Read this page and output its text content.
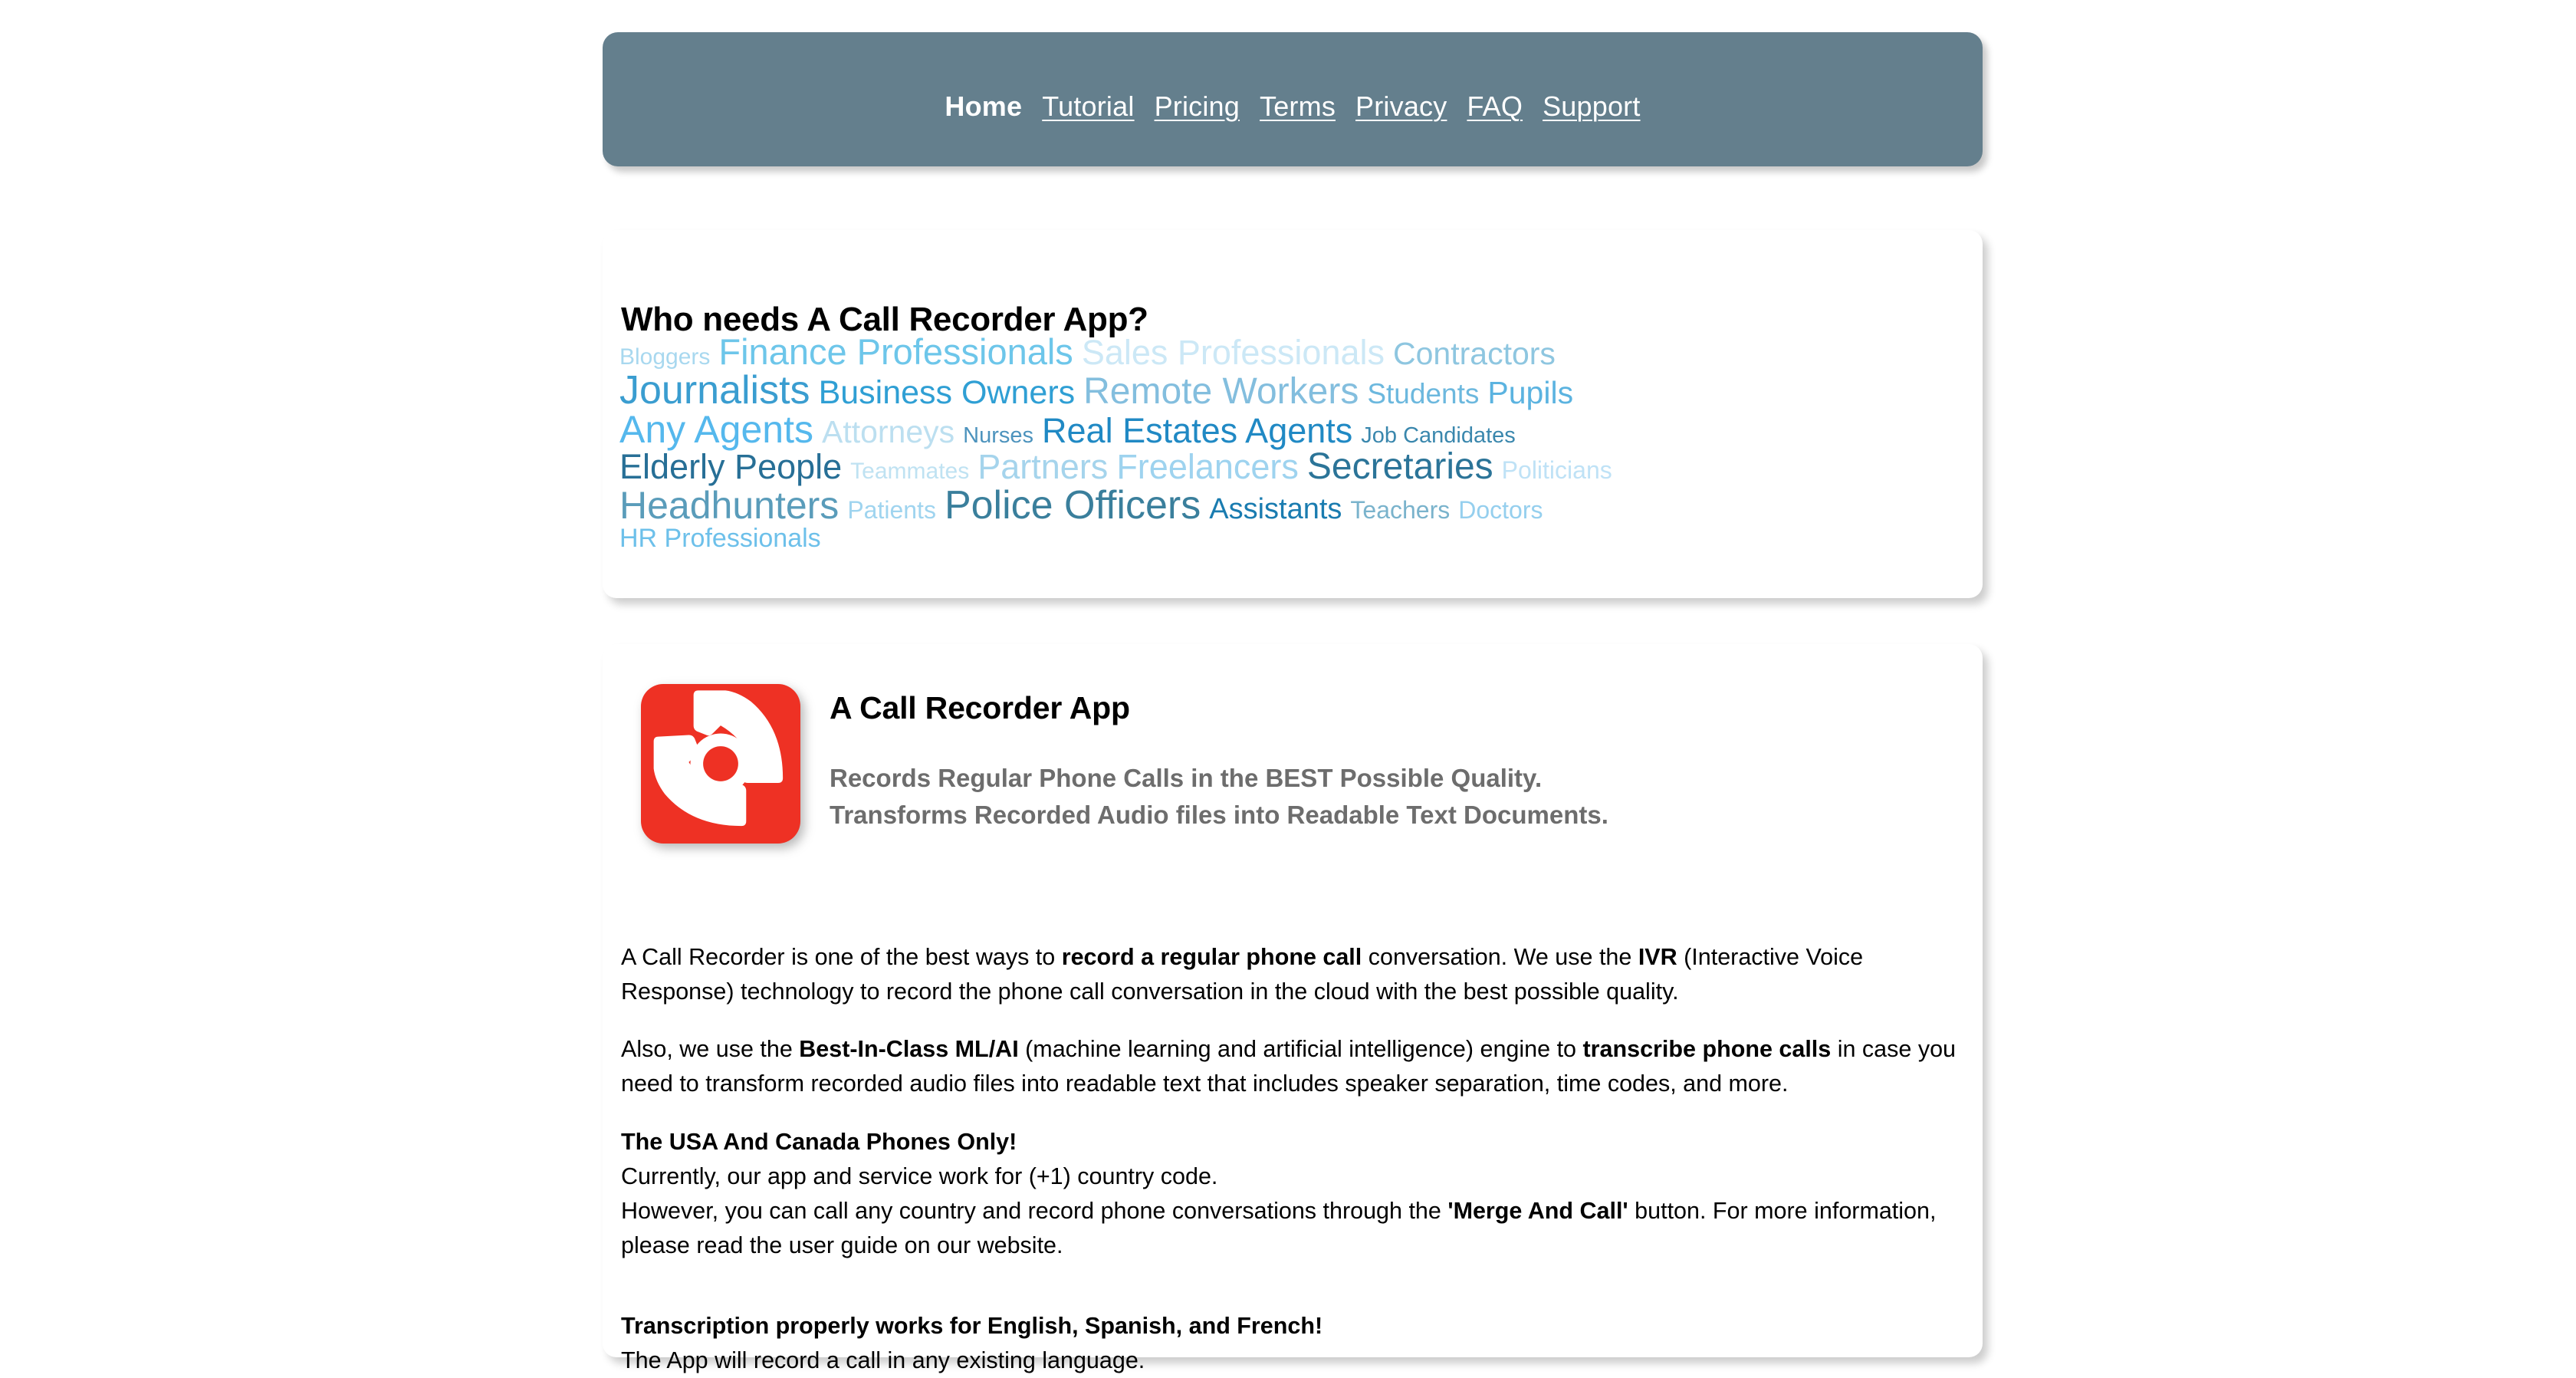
Home Tutorial Pricing Terms Privacy FAQ Support
Who needs A Call Recorder App?
Bloggers Finance Professionals Sales Professionals Contractors
Journalists Business Owners Remote Workers Students Pupils
Any Agents Attorneys Nurses Real Estates Agents Job Candidates
Elderly People Teammates Partners Freelancers Secretaries Politicians
Headhunters Patients Police Officers Assistants Teachers Doctors
HR Professionals
A Call Recorder App
Records Regular Phone Calls in the BEST Possible Quality.
Transforms Recorded Audio files into Readable Text Documents.

A Call Recorder is one of the best ways to record a regular phone call conversation. We use the IVR (Interactive Voice Response) technology to record the phone call conversation in the cloud with the best possible quality.

Also, we use the Best-In-Class ML/AI (machine learning and artificial intelligence) engine to transcribe phone calls in case you need to transform recorded audio files into readable text that includes speaker separation, time codes, and more.

The USA And Canada Phones Only!
Currently, our app and service work for (+1) country code.
However, you can call any country and record phone conversations through the 'Merge And Call' button. For more information, please read the user guide on our website.
Transcription properly works for English, Spanish, and French!
The App will record a call in any existing language.
